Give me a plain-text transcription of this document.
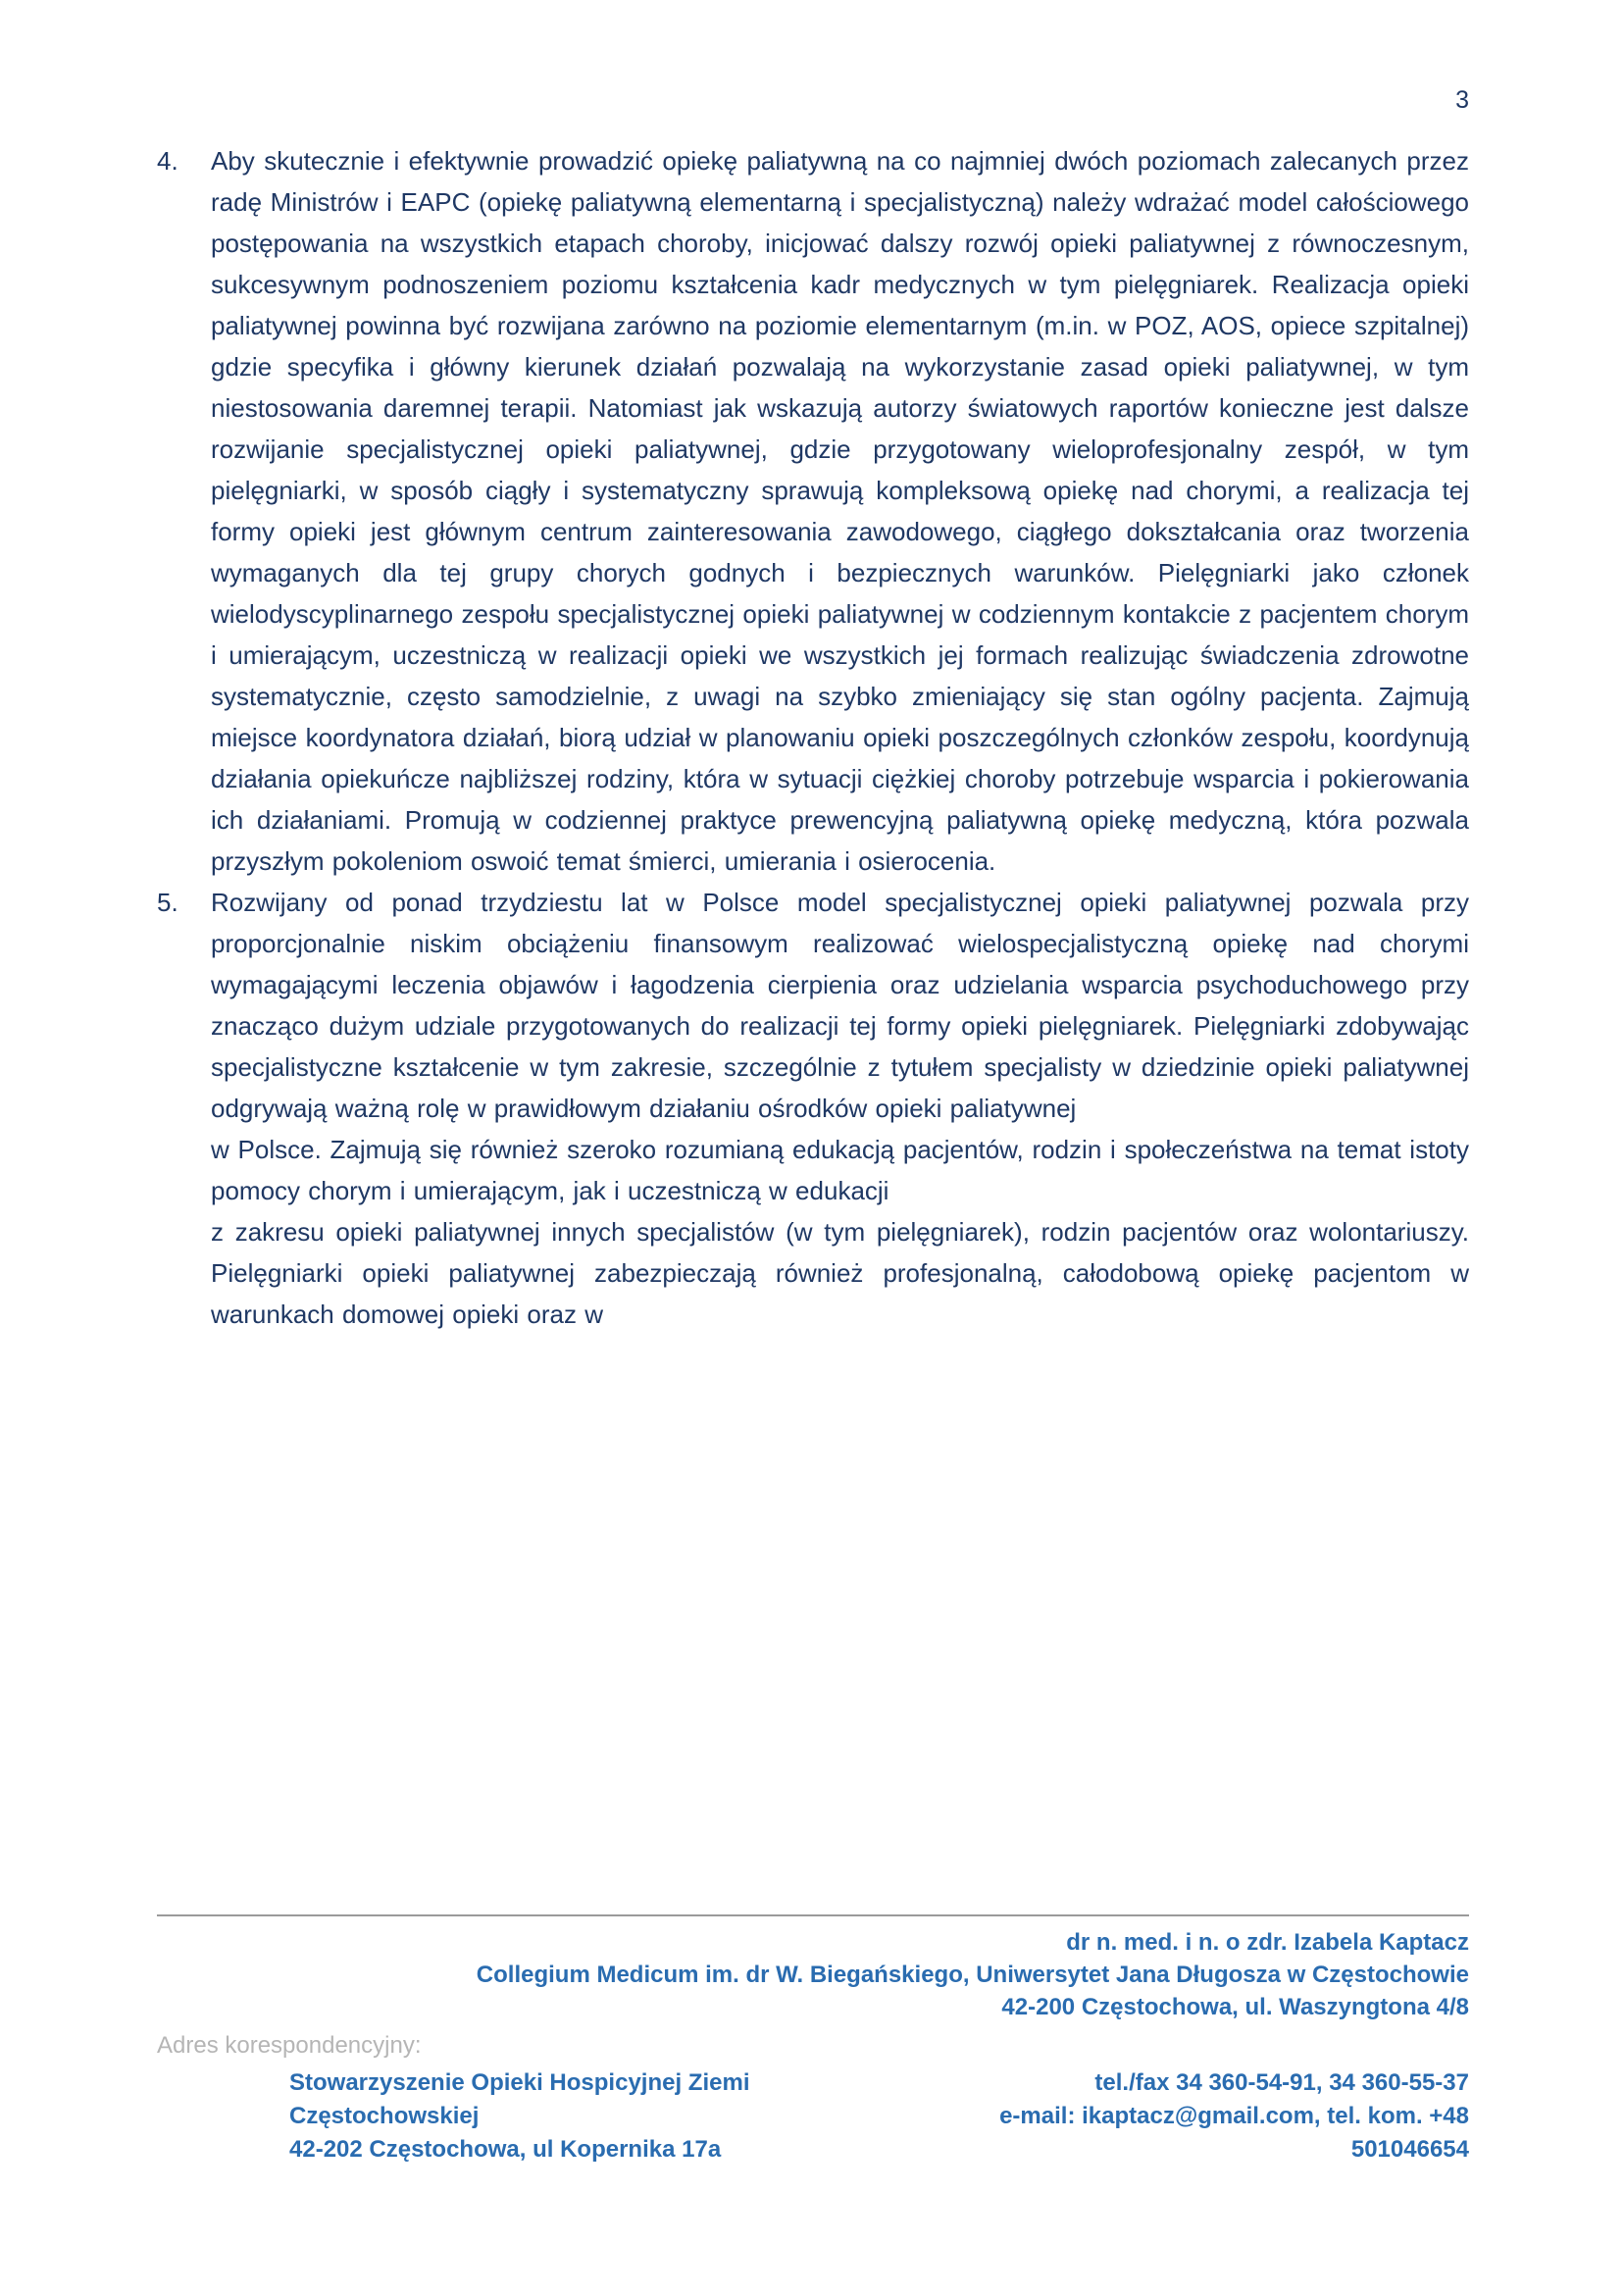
3
4.	Aby skutecznie i efektywnie prowadzić opiekę paliatywną na co najmniej dwóch poziomach zalecanych przez radę Ministrów i EAPC (opiekę paliatywną elementarną i specjalistyczną) należy wdrażać model całościowego postępowania na wszystkich etapach choroby, inicjować dalszy rozwój opieki paliatywnej z równoczesnym, sukcesywnym podnoszeniem poziomu kształcenia kadr medycznych w tym pielęgniarek. Realizacja opieki paliatywnej powinna być rozwijana zarówno na poziomie elementarnym (m.in. w POZ, AOS, opiece szpitalnej) gdzie specyfika i główny kierunek działań pozwalają na wykorzystanie zasad opieki paliatywnej, w tym niestosowania daremnej terapii. Natomiast jak wskazują autorzy światowych raportów konieczne jest dalsze rozwijanie specjalistycznej opieki paliatywnej, gdzie przygotowany wieloprofesjonalny zespół, w tym pielęgniarki, w sposób ciągły i systematyczny sprawują kompleksową opiekę nad chorymi, a realizacja tej formy opieki jest głównym centrum zainteresowania zawodowego, ciągłego dokształcania oraz tworzenia wymaganych dla tej grupy chorych godnych i bezpiecznych warunków. Pielęgniarki jako członek wielodyscyplinarnego zespołu specjalistycznej opieki paliatywnej w codziennym kontakcie z pacjentem chorym i umierającym, uczestniczą w realizacji opieki we wszystkich jej formach realizując świadczenia zdrowotne systematycznie, często samodzielnie, z uwagi na szybko zmieniający się stan ogólny pacjenta. Zajmują miejsce koordynatora działań, biorą udział w planowaniu opieki poszczególnych członków zespołu, koordynują działania opiekuńcze najbliższej rodziny, która w sytuacji ciężkiej choroby potrzebuje wsparcia i pokierowania ich działaniami. Promują w codziennej praktyce prewencyjną paliatywną opiekę medyczną, która pozwala przyszłym pokoleniom oswoić temat śmierci, umierania i osierocenia.

5.	Rozwijany od ponad trzydziestu lat w Polsce model specjalistycznej opieki paliatywnej pozwala przy proporcjonalnie niskim obciążeniu finansowym realizować wielospecjalistyczną opiekę nad chorymi wymagającymi leczenia objawów i łagodzenia cierpienia oraz udzielania wsparcia psychoduchowego przy znacząco dużym udziale przygotowanych do realizacji tej formy opieki pielęgniarek. Pielęgniarki zdobywając specjalistyczne kształcenie w tym zakresie, szczególnie z tytułem specjalisty w dziedzinie opieki paliatywnej odgrywają ważną rolę w prawidłowym działaniu ośrodków opieki paliatywnej

w Polsce. Zajmują się również szeroko rozumianą edukacją pacjentów, rodzin i społeczeństwa na temat istoty pomocy chorym i umierającym, jak i uczestniczą w edukacji

z zakresu opieki paliatywnej innych specjalistów (w tym pielęgniarek), rodzin pacjentów oraz wolontariuszy. Pielęgniarki opieki paliatywnej zabezpieczają również profesjonalną, całodobową opiekę pacjentom w warunkach domowej opieki oraz w

dr n. med. i n. o zdr. Izabela Kaptacz
Collegium Medicum im. dr W. Biegańskiego, Uniwersytet Jana Długosza w Częstochowie
42-200 Częstochowa, ul. Waszyngtona 4/8
Adres korespondencyjny:
Stowarzyszenie Opieki Hospicyjnej Ziemi Częstochowskiej
42-202 Częstochowa, ul Kopernika 17a
tel./fax 34 360-54-91, 34 360-55-37
e-mail: ikaptacz@gmail.com, tel. kom. +48 501046654
